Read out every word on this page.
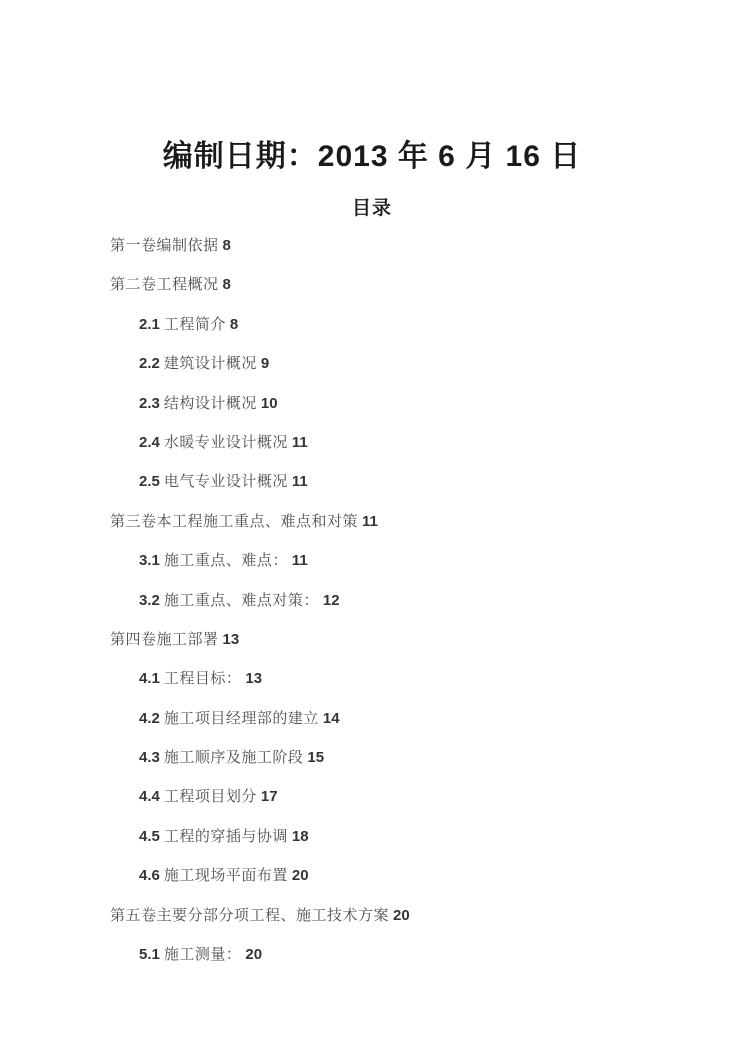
编制日期：2013 年 6 月 16 日
目录
第一卷编制依据 8
第二卷工程概况 8
2.1 工程简介 8
2.2 建筑设计概况 9
2.3 结构设计概况 10
2.4 水暖专业设计概况 11
2.5 电气专业设计概况 11
第三卷本工程施工重点、难点和对策 11
3.1 施工重点、难点： 11
3.2 施工重点、难点对策： 12
第四卷施工部署 13
4.1 工程目标： 13
4.2 施工项目经理部的建立 14
4.3 施工顺序及施工阶段 15
4.4 工程项目划分 17
4.5 工程的穿插与协调 18
4.6 施工现场平面布置 20
第五卷主要分部分项工程、施工技术方案 20
5.1 施工测量： 20
